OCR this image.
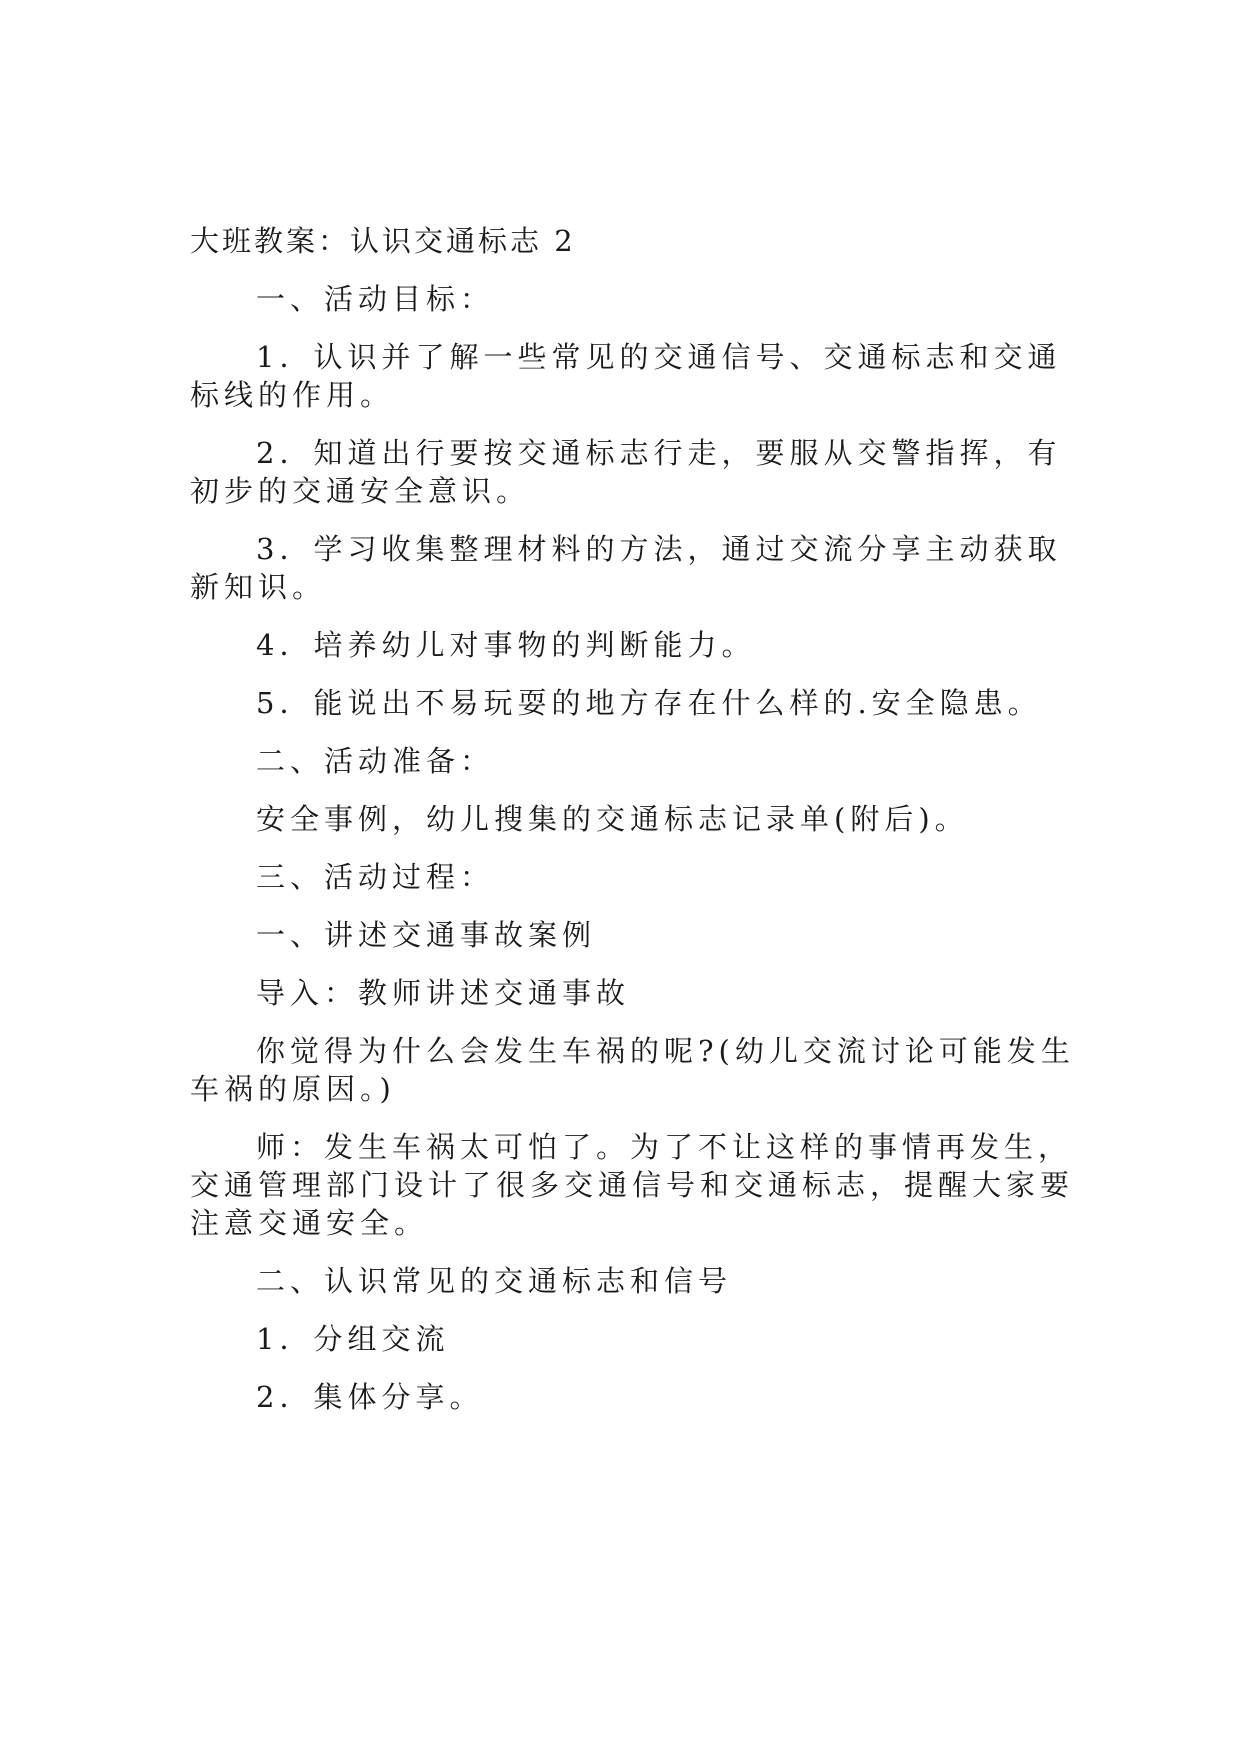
大班教案：认识交通标志 2
一、活动目标：
1．认识并了解一些常见的交通信号、交通标志和交通
标线的作用。
2．知道出行要按交通标志行走，要服从交警指挥，有
初步的交通安全意识。
3．学习收集整理材料的方法，通过交流分享主动获取
新知识。
4．培养幼儿对事物的判断能力。
5．能说出不易玩耍的地方存在什么样的.安全隐患。
二、活动准备：
安全事例，幼儿搜集的交通标志记录单(附后)。
三、活动过程：
一、讲述交通事故案例
导入：教师讲述交通事故
你觉得为什么会发生车祸的呢?(幼儿交流讨论可能发生
车祸的原因。)
师：发生车祸太可怕了。为了不让这样的事情再发生，
交通管理部门设计了很多交通信号和交通标志，提醒大家要
注意交通安全。
二、认识常见的交通标志和信号
1．分组交流
2．集体分享。
